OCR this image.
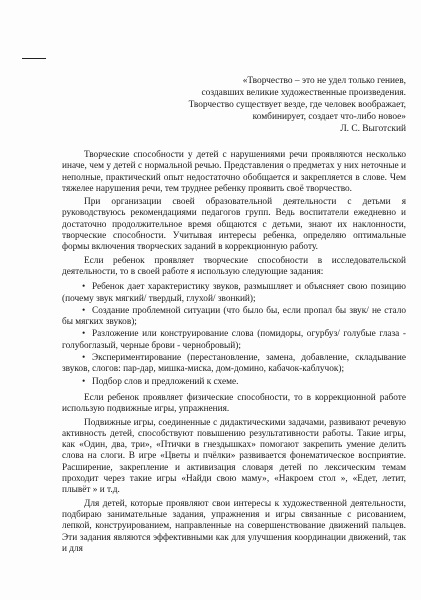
«Творчество – это не удел только гениев,
создавших великие художественные произведения.
Творчество существует везде, где человек воображает,
комбинирует, создает что-либо новое»
Л. С. Выготский

Творческие способности у детей с нарушениями речи проявляются несколько иначе, чем у детей с нормальной речью. Представления о предметах у них неточные и неполные, практический опыт недостаточно обобщается и закрепляется в слове. Чем тяжелее нарушения речи, тем труднее ребенку проявить своё творчество.

При организации своей образовательной деятельности с детьми я руководствуюсь рекомендациями педагогов групп. Ведь воспитатели ежедневно и достаточно продолжительное время общаются с детьми, знают их наклонности, творческие способности. Учитывая интересы ребенка, определяю оптимальные формы включения творческих заданий в коррекционную работу.

Если ребенок проявляет творческие способности в исследовательской деятельности, то в своей работе я использую следующие задания:

• Ребенок дает характеристику звуков, размышляет и объясняет свою позицию (почему звук мягкий/ твердый, глухой/ звонкий);
• Создание проблемной ситуации (что было бы, если пропал бы звук/ не стало бы мягких звуков);
• Разложение или конструирование слова (помидоры, огурбуз/ голубые глаза - голубоглазый, черные брови - чернобровый);
• Экспериментирование (перестановление, замена, добавление, складывание звуков, слогов: пар-дар, мишка-миска, дом-домино, кабачок-каблучок);
• Подбор слов и предложений к схеме.

Если ребенок проявляет физические способности, то в коррекционной работе использую подвижные игры, упражнения.

Подвижные игры, соединенные с дидактическими задачами, развивают речевую активность детей, способствуют повышению результативности работы. Такие игры, как «Один, два, три», «Птички в гнездышках» помогают закрепить умение делить слова на слоги. В игре «Цветы и пчёлки» развивается фонематическое восприятие. Расширение, закрепление и активизация словаря детей по лексическим темам проходит через такие игры «Найди свою маму», «Накроем стол », «Едет, летит, плывёт » и т.д.

Для детей, которые проявляют свои интересы к художественной деятельности, подбираю занимательные задания, упражнения и игры связанные с рисованием, лепкой, конструированием, направленные на совершенствование движений пальцев. Эти задания являются эффективными как для улучшения координации движений, так и для
